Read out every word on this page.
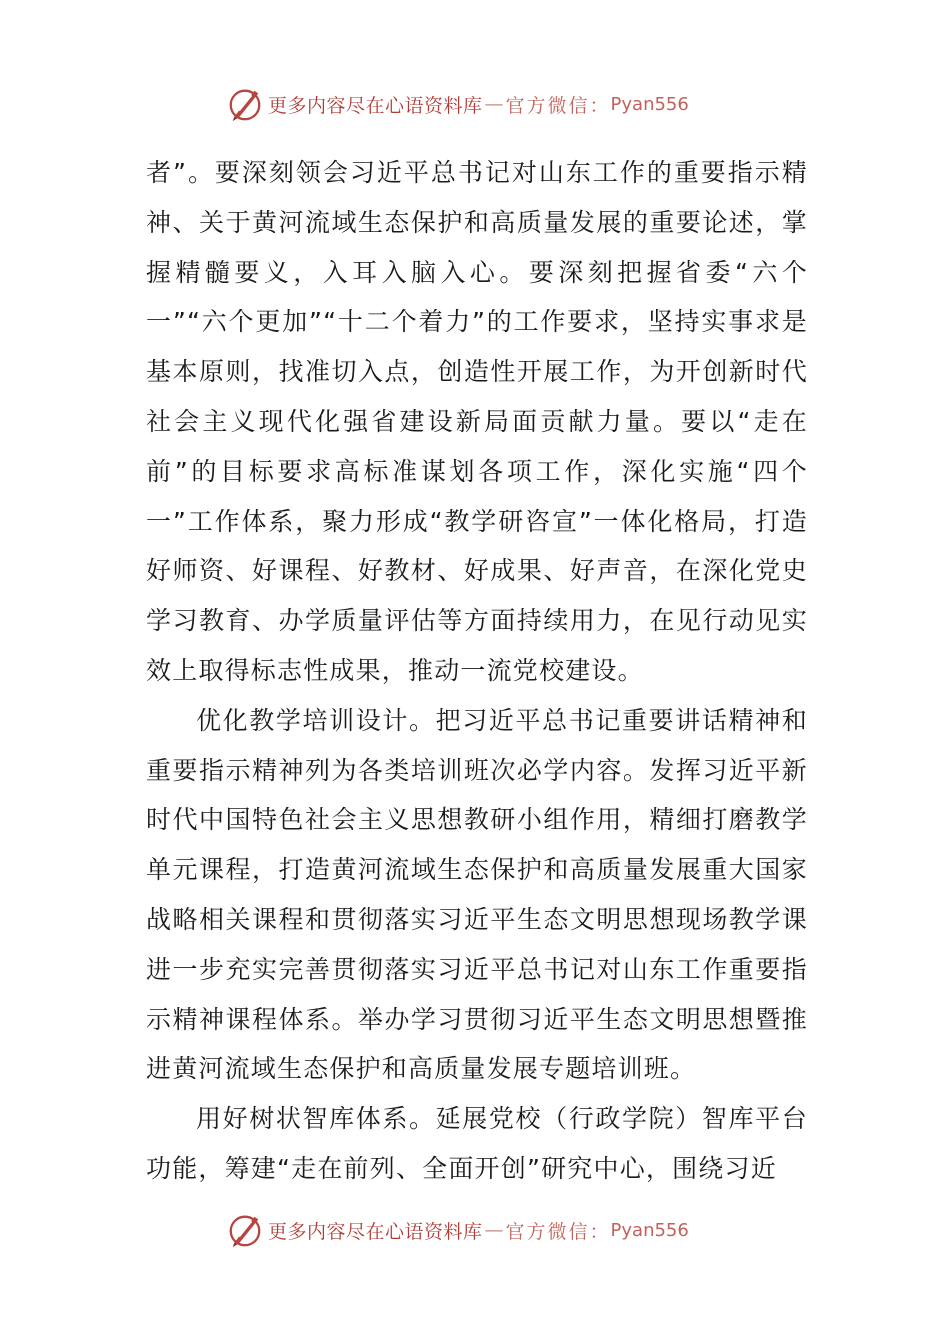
更多内容尽在心语资料库 — 官方微信： Pyan556

者”。要深刻领会习近平总书记对山东工作的重要指示精神、关于黄河流域生态保护和高质量发展的重要论述，掌握精髓要义，入耳入脑入心。要深刻把握省委“六个一”“六个更加”“十二个着力”的工作要求，坚持实事求是基本原则，找准切入点，创造性开展工作，为开创新时代社会主义现代化强省建设新局面贡献力量。要以“走在前”的目标要求高标准谋划各项工作，深化实施“四个一”工作体系，聚力形成“教学研咨宣”一体化格局，打造好师资、好课程、好教材、好成果、好声音，在深化党史学习教育、办学质量评估等方面持续用力，在见行动见实效上取得标志性成果，推动一流党校建设。

优化教学培训设计。把习近平总书记重要讲话精神和重要指示精神列为各类培训班次必学内容。发挥习近平新时代中国特色社会主义思想教研小组作用，精细打磨教学单元课程，打造黄河流域生态保护和高质量发展重大国家战略相关课程和贯彻落实习近平生态文明思想现场教学课进一步充实完善贯彻落实习近平总书记对山东工作重要指示精神课程体系。举办学习贯彻习近平生态文明思想暨推进黄河流域生态保护和高质量发展专题培训班。

用好树状智库体系。延展党校（行政学院）智库平台功能，筹建“走在前列、全面开创”研究中心，围绕习近

更多内容尽在心语资料库 — 官方微信： Pyan556
